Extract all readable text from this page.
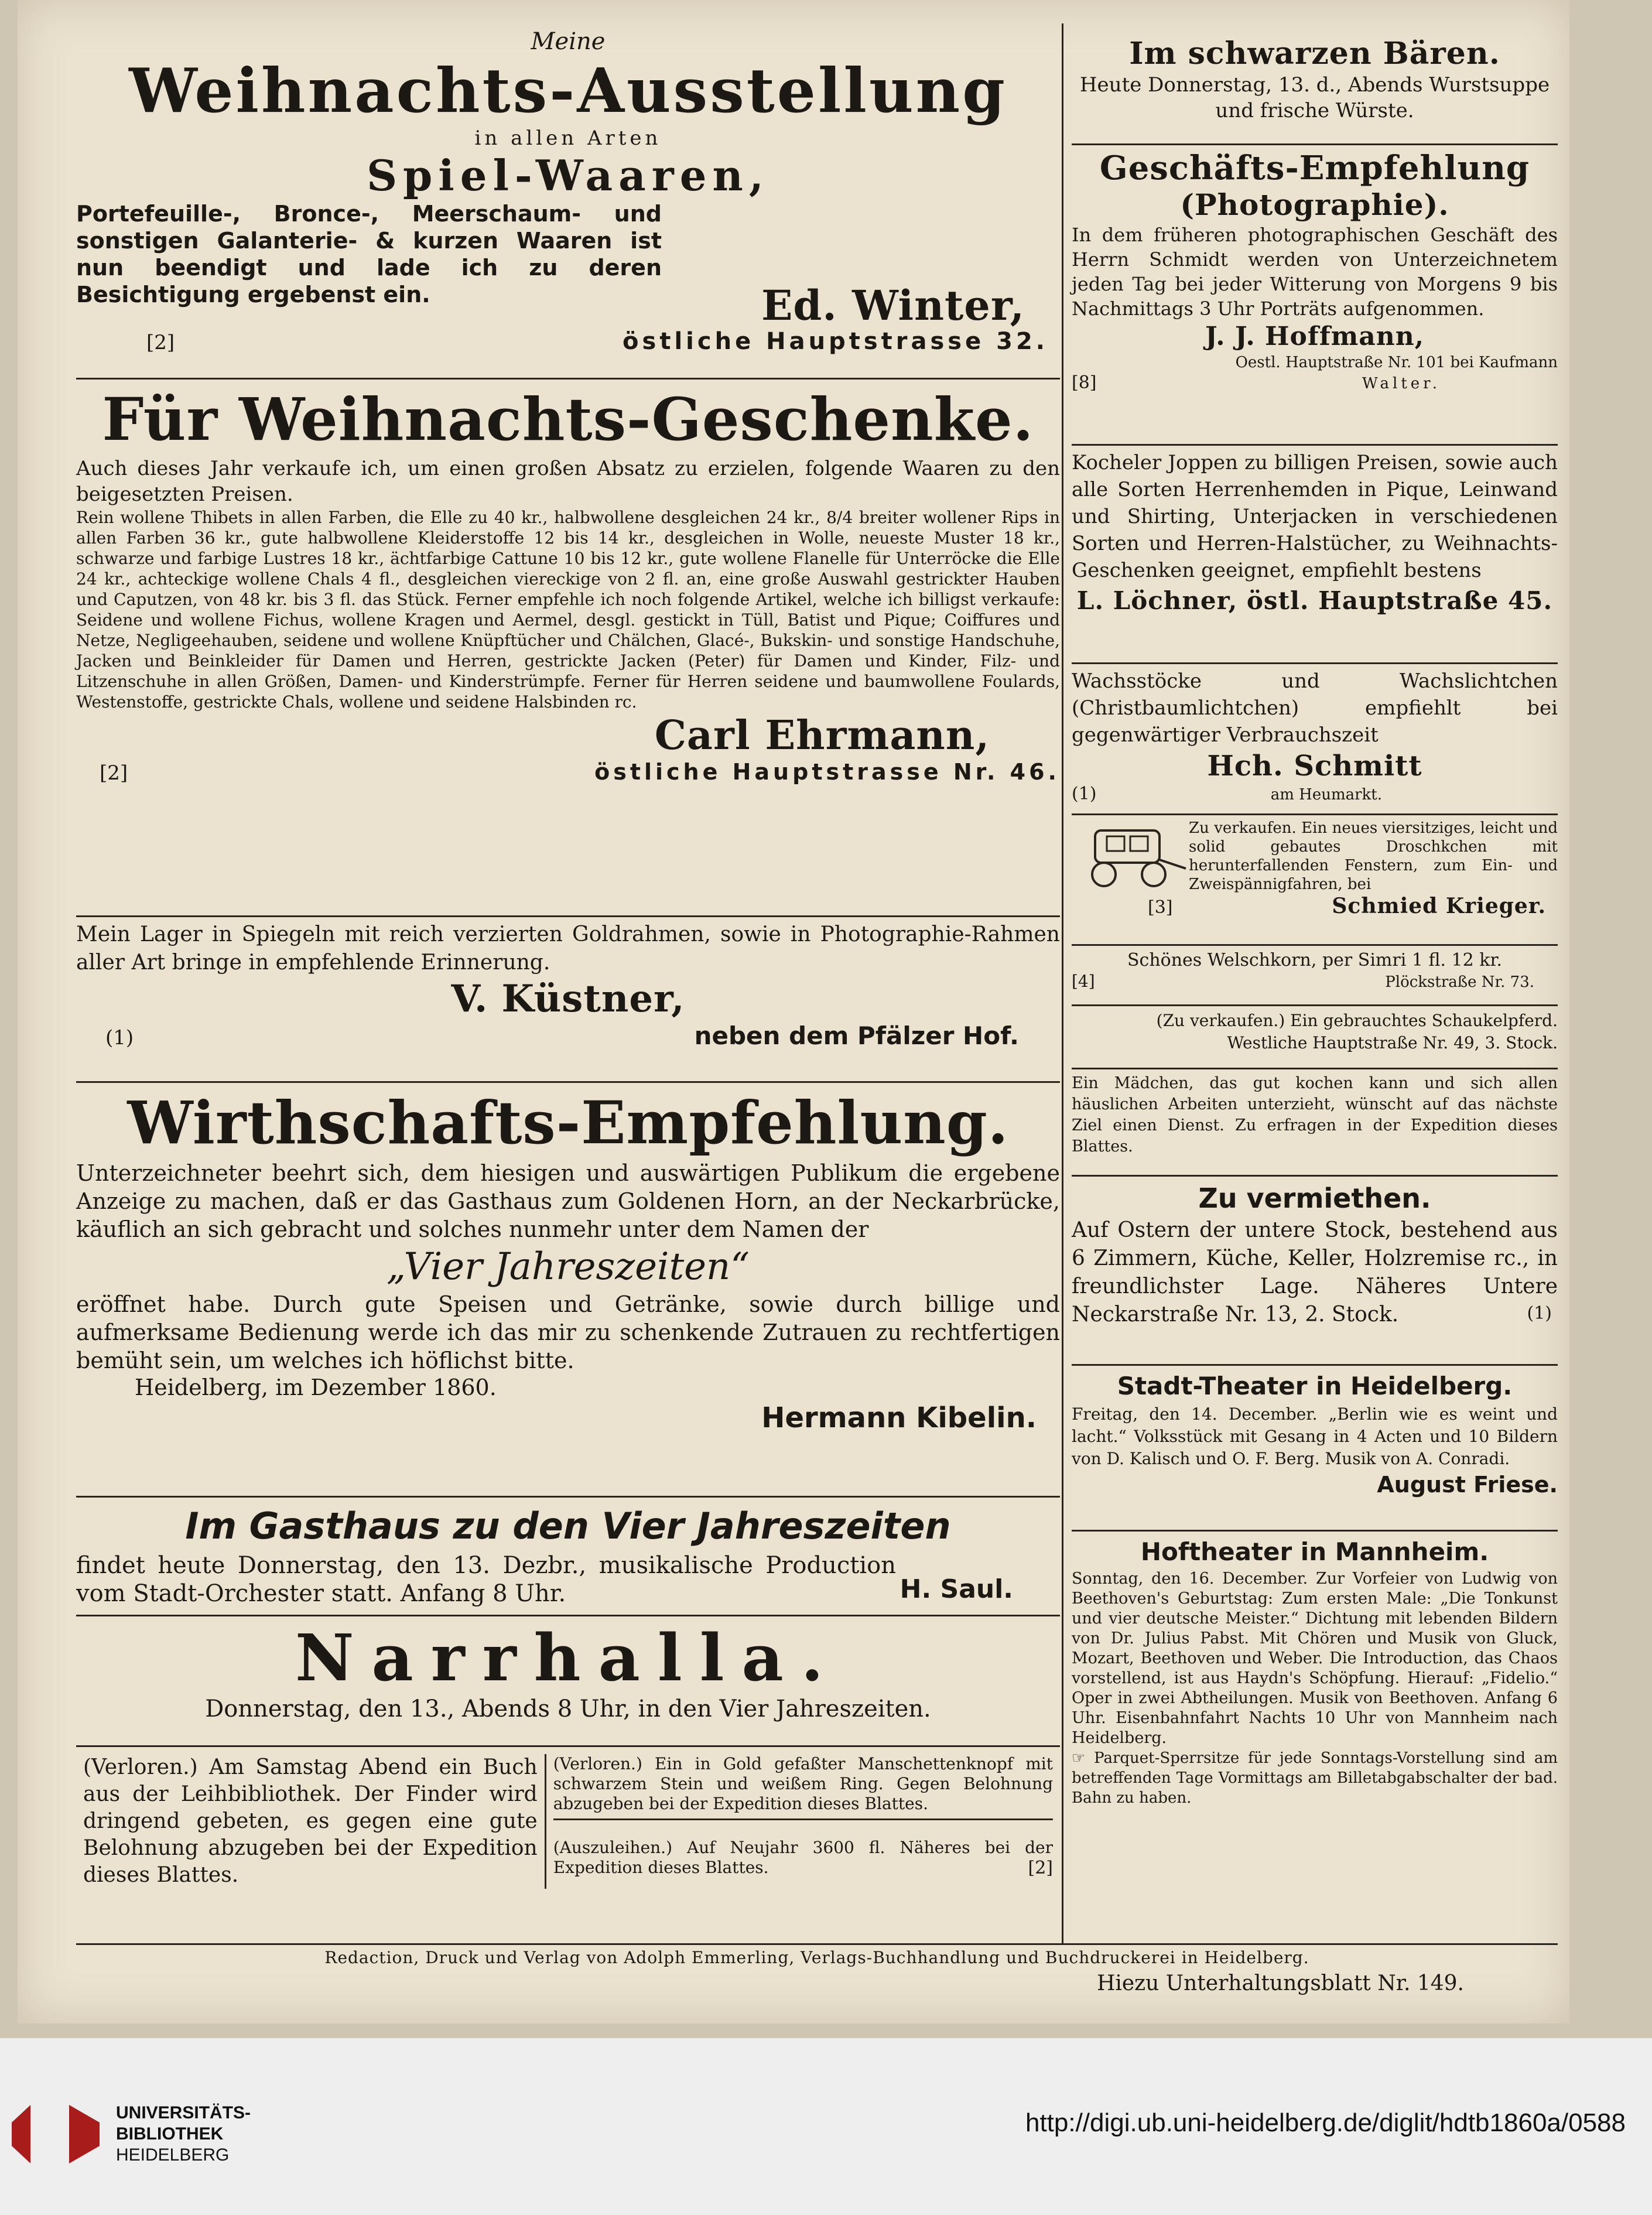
Meine

Weihnachts-Ausstellung

in allen Arten

Spiel-Waaren,

Portefeuille-, Bronce-, Meerschaum- und sonstigen Galanterie- & kurzen Waaren ist nun beendigt und lade ich zu deren Besichtigung ergebenst ein.	Ed. Winter,

[2]	östliche Hauptstrasse 32.

Für Weihnachts-Geschenke.

Auch dieses Jahr verkaufe ich, um einen großen Absatz zu erzielen, folgende Waaren zu den beigesetzten Preisen.

Rein wollene Thibets in allen Farben, die Elle zu 40 kr., halbwollene desgleichen 24 kr., 8/4 breiter wollener Rips in allen Farben 36 kr., gute halbwollene Kleiderstoffe 12 bis 14 kr., desgleichen in Wolle, neueste Muster 18 kr., schwarze und farbige Lustres 18 kr., ächtfarbige Cattune 10 bis 12 kr., gute wollene Flanelle für Unterröcke die Elle 24 kr., achteckige wollene Chals 4 fl., desgleichen viereckige von 2 fl. an, eine große Auswahl gestrickter Hauben und Caputzen, von 48 kr. bis 3 fl. das Stück. Ferner empfehle ich noch folgende Artikel, welche ich billigst verkaufe: Seidene und wollene Fichus, wollene Kragen und Aermel, desgl. gestickt in Tüll, Batist und Pique; Coiffures und Netze, Negligeehauben, seidene und wollene Knüpftücher und Chälchen, Glacé-, Bukskin- und sonstige Handschuhe, Jacken und Beinkleider für Damen und Herren, gestrickte Jacken (Peter) für Damen und Kinder, Filz- und Litzenschuhe in allen Größen, Damen- und Kinderstrümpfe. Ferner für Herren seidene und baumwollene Foulards, Westenstoffe, gestrickte Chals, wollene und seidene Halsbinden rc.

Carl Ehrmann,

[2]	östliche Hauptstrasse Nr. 46.

Mein Lager in Spiegeln mit reich verzierten Goldrahmen, sowie in Photographie-Rahmen aller Art bringe in empfehlende Erinnerung.

V. Küstner,

(1)	neben dem Pfälzer Hof.

Wirthschafts-Empfehlung.

Unterzeichneter beehrt sich, dem hiesigen und auswärtigen Publikum die ergebene Anzeige zu machen, daß er das Gasthaus zum Goldenen Horn, an der Neckarbrücke, käuflich an sich gebracht und solches nunmehr unter dem Namen der

„Vier Jahreszeiten“

eröffnet habe. Durch gute Speisen und Getränke, sowie durch billige und aufmerksame Bedienung werde ich das mir zu schenkende Zutrauen zu rechtfertigen bemüht sein, um welches ich höflichst bitte.

Heidelberg, im Dezember 1860.

Hermann Kibelin.

Im Gasthaus zu den Vier Jahreszeiten

findet heute Donnerstag, den 13. Dezbr., musikalische Production vom Stadt-Orchester statt. Anfang 8 Uhr.	H. Saul.

Narrhalla.

Donnerstag, den 13., Abends 8 Uhr, in den Vier Jahreszeiten.

(Verloren.) Am Samstag Abend ein Buch aus der Leihbibliothek. Der Finder wird dringend gebeten, es gegen eine gute Belohnung abzugeben bei der Expedition dieses Blattes.

(Verloren.) Ein in Gold gefaßter Manschettenknopf mit schwarzem Stein und weißem Ring. Gegen Belohnung abzugeben bei der Expedition dieses Blattes.

(Auszuleihen.) Auf Neujahr 3600 fl. Näheres bei der Expedition dieses Blattes.	[2]

Im schwarzen Bären.

Heute Donnerstag, 13. d., Abends Wurstsuppe und frische Würste.

Geschäfts-Empfehlung

(Photographie).

In dem früheren photographischen Geschäft des Herrn Schmidt werden von Unterzeichnetem jeden Tag bei jeder Witterung von Morgens 9 bis Nachmittags 3 Uhr Porträts aufgenommen.

J. J. Hoffmann,

Oestl. Hauptstraße Nr. 101 bei Kaufmann

[8]	Walter.

Kocheler Joppen zu billigen Preisen, sowie auch alle Sorten Herrenhemden in Pique, Leinwand und Shirting, Unterjacken in verschiedenen Sorten und Herren-Halstücher, zu Weihnachts-Geschenken geeignet, empfiehlt bestens

L. Löchner, östl. Hauptstraße 45.

Wachsstöcke und Wachslichtchen (Christbaumlichtchen) empfiehlt bei gegenwärtiger Verbrauchszeit

Hch. Schmitt

(1)	am Heumarkt.

Zu verkaufen. Ein neues viersitziges, leicht und solid gebautes Droschkchen mit herunterfallenden Fenstern, zum Ein- und Zweispännigfahren, bei

[3]	Schmied Krieger.

Schönes Welschkorn, per Simri 1 fl. 12 kr.

[4]	Plöckstraße Nr. 73.

(Zu verkaufen.) Ein gebrauchtes Schaukelpferd. Westliche Hauptstraße Nr. 49, 3. Stock.

Ein Mädchen, das gut kochen kann und sich allen häuslichen Arbeiten unterzieht, wünscht auf das nächste Ziel einen Dienst. Zu erfragen in der Expedition dieses Blattes.

Zu vermiethen.

Auf Ostern der untere Stock, bestehend aus 6 Zimmern, Küche, Keller, Holzremise rc., in freundlichster Lage. Näheres Untere Neckarstraße Nr. 13, 2. Stock.	(1)

Stadt-Theater in Heidelberg.

Freitag, den 14. December. „Berlin wie es weint und lacht.“ Volksstück mit Gesang in 4 Acten und 10 Bildern von D. Kalisch und O. F. Berg. Musik von A. Conradi.

August Friese.

Hoftheater in Mannheim.

Sonntag, den 16. December. Zur Vorfeier von Ludwig von Beethoven's Geburtstag: Zum ersten Male: „Die Tonkunst und vier deutsche Meister.“ Dichtung mit lebenden Bildern von Dr. Julius Pabst. Mit Chören und Musik von Gluck, Mozart, Beethoven und Weber. Die Introduction, das Chaos vorstellend, ist aus Haydn's Schöpfung. Hierauf: „Fidelio.“ Oper in zwei Abtheilungen. Musik von Beethoven. Anfang 6 Uhr. Eisenbahnfahrt Nachts 10 Uhr von Mannheim nach Heidelberg.

☞ Parquet-Sperrsitze für jede Sonntags-Vorstellung sind am betreffenden Tage Vormittags am Billetabgabschalter der bad. Bahn zu haben.

Redaction, Druck und Verlag von Adolph Emmerling, Verlags-Buchhandlung und Buchdruckerei in Heidelberg.

Hiezu Unterhaltungsblatt Nr. 149.

UNIVERSITÄTS-
BIBLIOTHEK
HEIDELBERG
http://digi.ub.uni-heidelberg.de/diglit/hdtb1860a/0588
